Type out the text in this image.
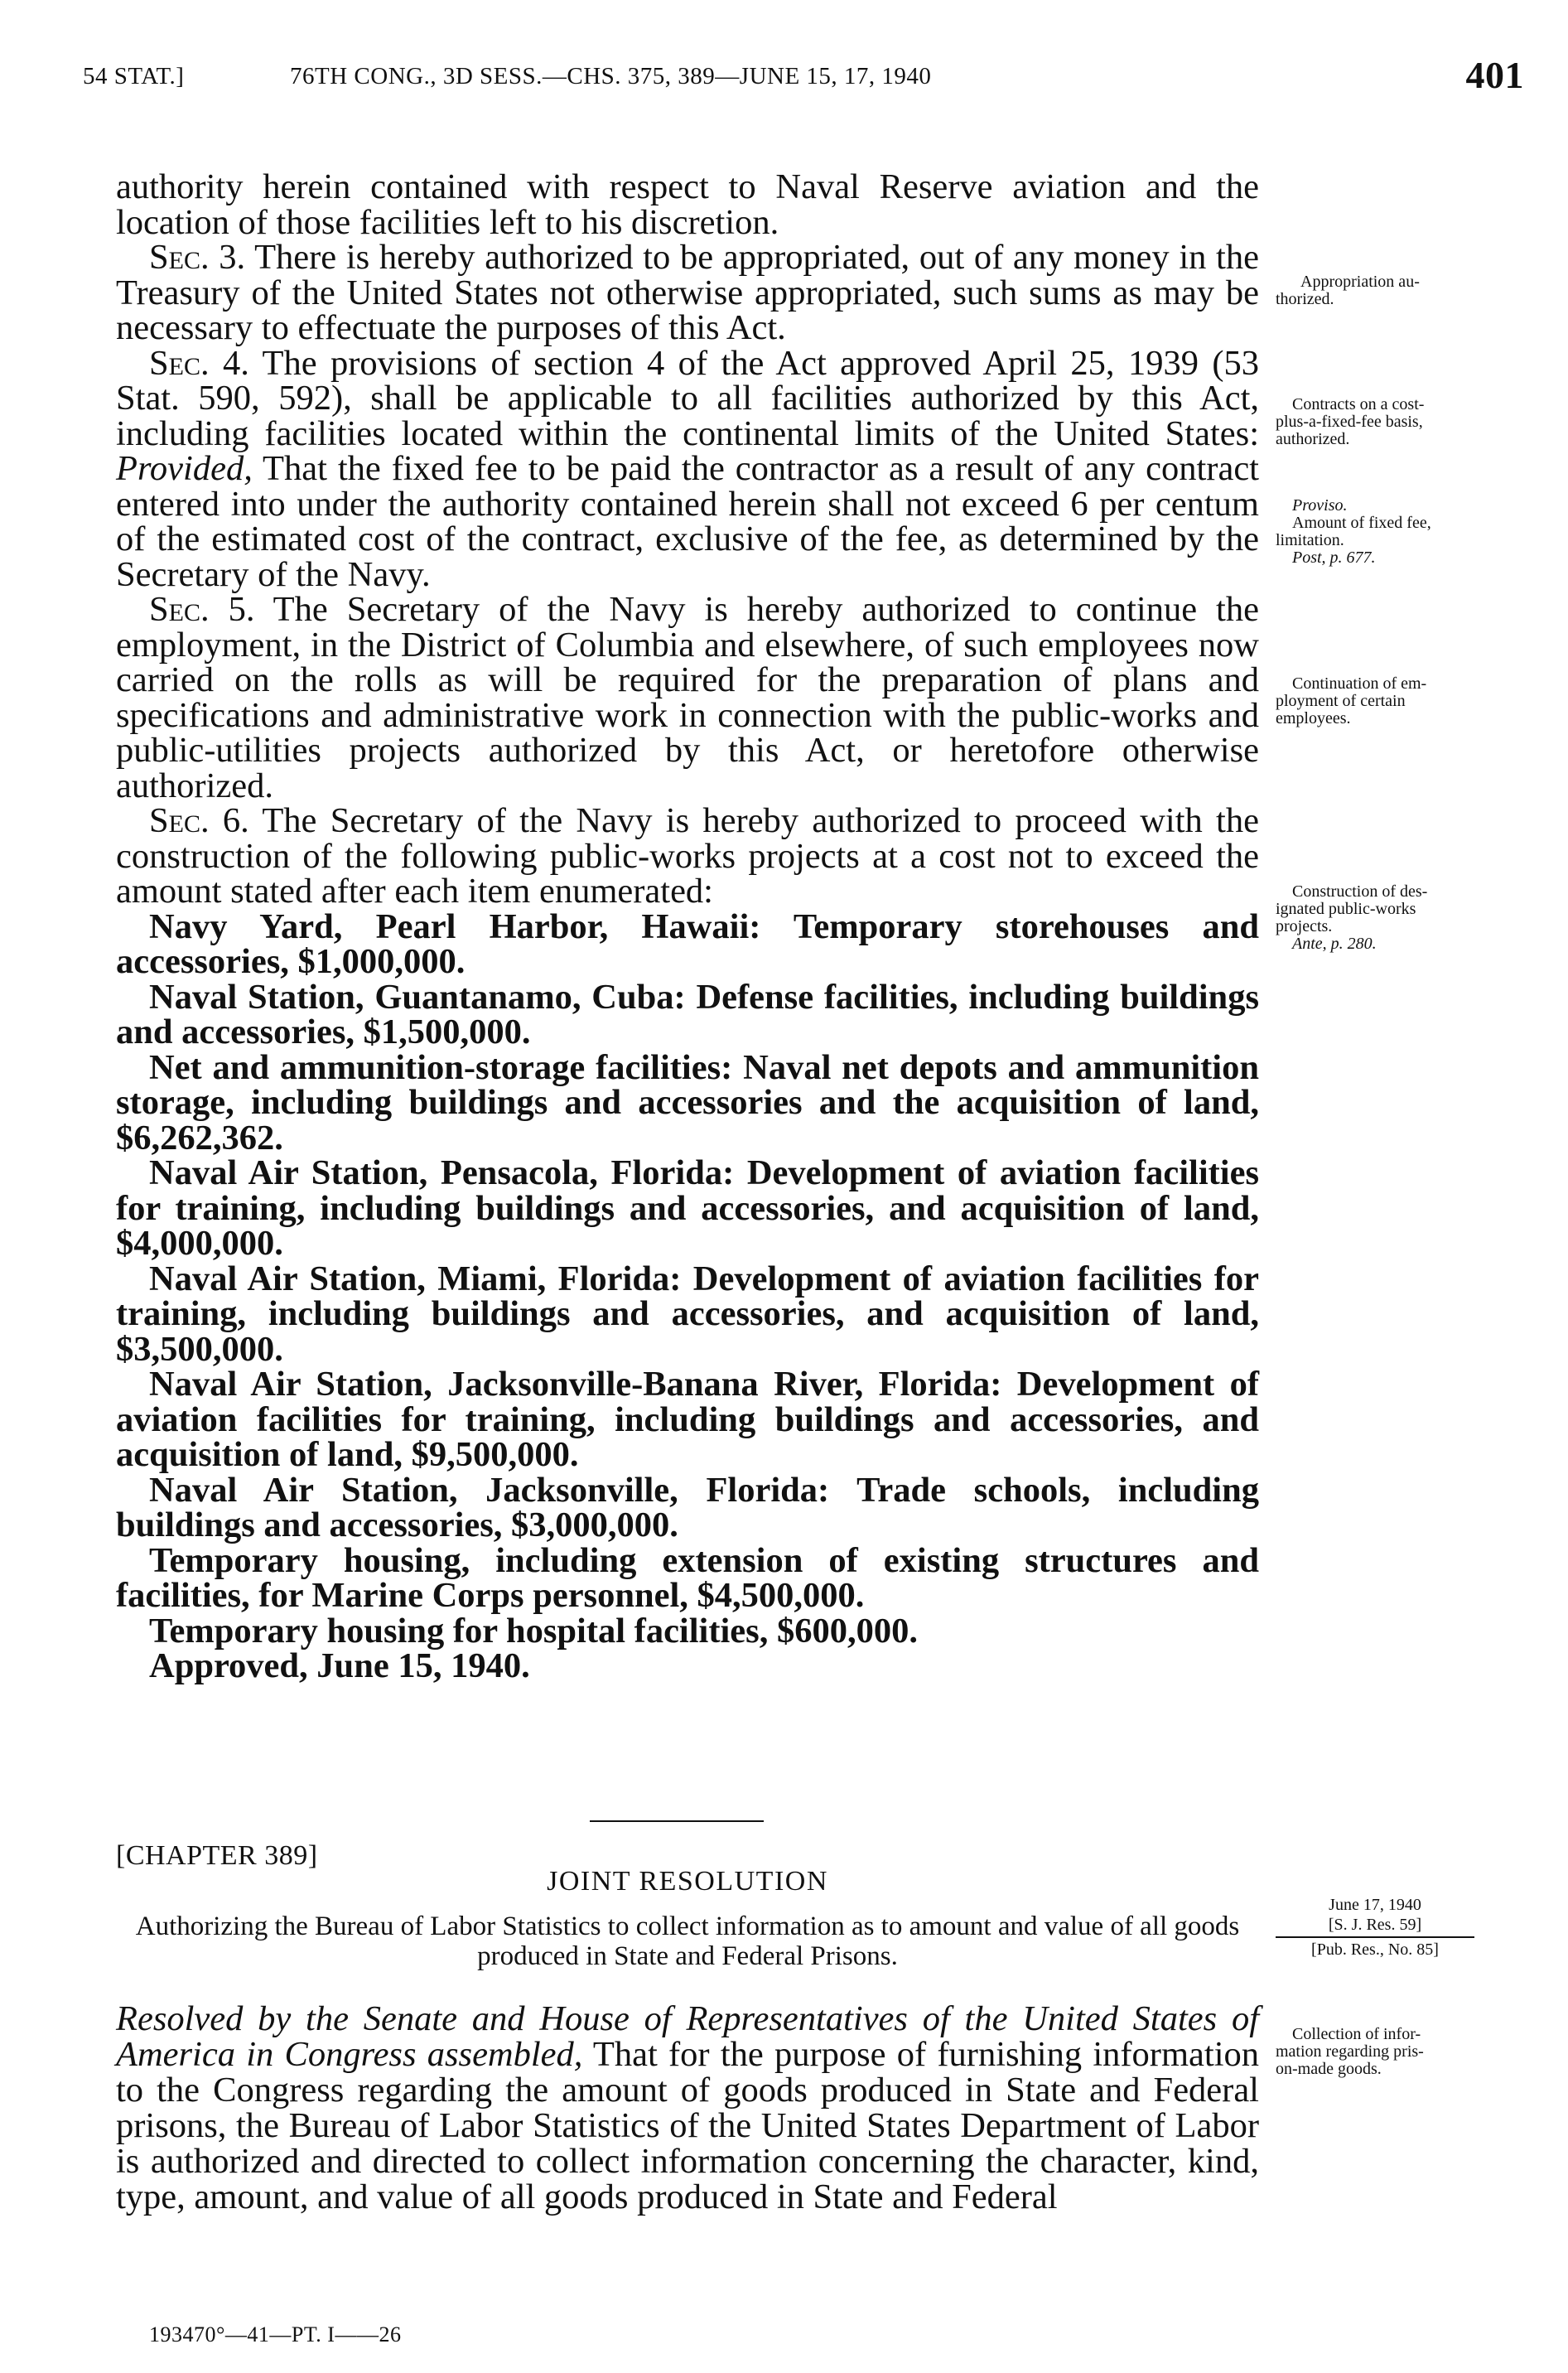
54 STAT.]	76TH CONG., 3D SESS.—CHS. 375, 389—JUNE 15, 17, 1940	401

authority herein contained with respect to Naval Reserve aviation and the location of those facilities left to his discretion.

Sec. 3. There is hereby authorized to be appropriated, out of any money in the Treasury of the United States not otherwise appropriated, such sums as may be necessary to effectuate the purposes of this Act.

Sec. 4. The provisions of section 4 of the Act approved April 25, 1939 (53 Stat. 590, 592), shall be applicable to all facilities authorized by this Act, including facilities located within the continental limits of the United States: Provided, That the fixed fee to be paid the contractor as a result of any contract entered into under the authority contained herein shall not exceed 6 per centum of the estimated cost of the contract, exclusive of the fee, as determined by the Secretary of the Navy.

Sec. 5. The Secretary of the Navy is hereby authorized to continue the employment, in the District of Columbia and elsewhere, of such employees now carried on the rolls as will be required for the preparation of plans and specifications and administrative work in connection with the public-works and public-utilities projects authorized by this Act, or heretofore otherwise authorized.

Sec. 6. The Secretary of the Navy is hereby authorized to proceed with the construction of the following public-works projects at a cost not to exceed the amount stated after each item enumerated:

Navy Yard, Pearl Harbor, Hawaii: Temporary storehouses and accessories, $1,000,000.

Naval Station, Guantanamo, Cuba: Defense facilities, including buildings and accessories, $1,500,000.

Net and ammunition-storage facilities: Naval net depots and ammunition storage, including buildings and accessories and the acquisition of land, $6,262,362.

Naval Air Station, Pensacola, Florida: Development of aviation facilities for training, including buildings and accessories, and acquisition of land, $4,000,000.

Naval Air Station, Miami, Florida: Development of aviation facilities for training, including buildings and accessories, and acquisition of land, $3,500,000.

Naval Air Station, Jacksonville-Banana River, Florida: Development of aviation facilities for training, including buildings and accessories, and acquisition of land, $9,500,000.

Naval Air Station, Jacksonville, Florida: Trade schools, including buildings and accessories, $3,000,000.

Temporary housing, including extension of existing structures and facilities, for Marine Corps personnel, $4,500,000.

Temporary housing for hospital facilities, $600,000.

Approved, June 15, 1940.

Appropriation au-
thorized.
Contracts on a cost-
plus-a-fixed-fee basis,
authorized.
Proviso.
Amount of fixed fee,
limitation.
Post, p. 677.
Continuation of em-
ployment of certain
employees.
Construction of des-
ignated public-works
projects.
Ante, p. 280.
[CHAPTER 389]
JOINT RESOLUTION
Authorizing the Bureau of Labor Statistics to collect information as to amount and value of all goods produced in State and Federal Prisons.
June 17, 1940
[S. J. Res. 59]
[Pub. Res., No. 85]
Resolved by the Senate and House of Representatives of the United States of America in Congress assembled, That for the purpose of furnishing information to the Congress regarding the amount of goods produced in State and Federal prisons, the Bureau of Labor Statistics of the United States Department of Labor is authorized and directed to collect information concerning the character, kind, type, amount, and value of all goods produced in State and Federal
Collection of infor-
mation regarding pris-
on-made goods.
193470°—41—PT. I——26
